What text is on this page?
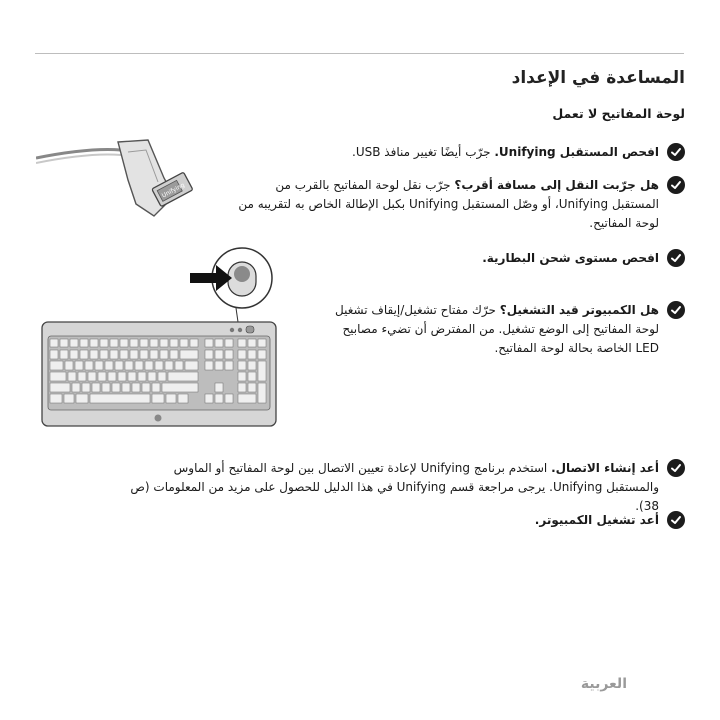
المساعدة في الإعداد
لوحة المفاتيح لا تعمل
افحص المستقبل Unifying. جرّب أيضًا تغيير منافذ USB.
هل جرّبت النقل إلى مسافة أقرب؟ جرّب نقل لوحة المفاتيح بالقرب من المستقبل Unifying، أو وصّل المستقبل Unifying بكبل الإطالة الخاص به لتقريبه من لوحة المفاتيح.
افحص مستوى شحن البطارية.
هل الكمبيوتر قيد التشغيل؟ حرّك مفتاح تشغيل/إيقاف تشغيل لوحة المفاتيح إلى الوضع تشغيل. من المفترض أن تضيء مصابيح LED الخاصة بحالة لوحة المفاتيح.
أعد إنشاء الاتصال. استخدم برنامج Unifying لإعادة تعيين الاتصال بين لوحة المفاتيح أو الماوس والمستقبل Unifying. يرجى مراجعة قسم Unifying في هذا الدليل للحصول على مزيد من المعلومات (ص 38).
أعد تشغيل الكمبيوتر.
Unifying
العربية
